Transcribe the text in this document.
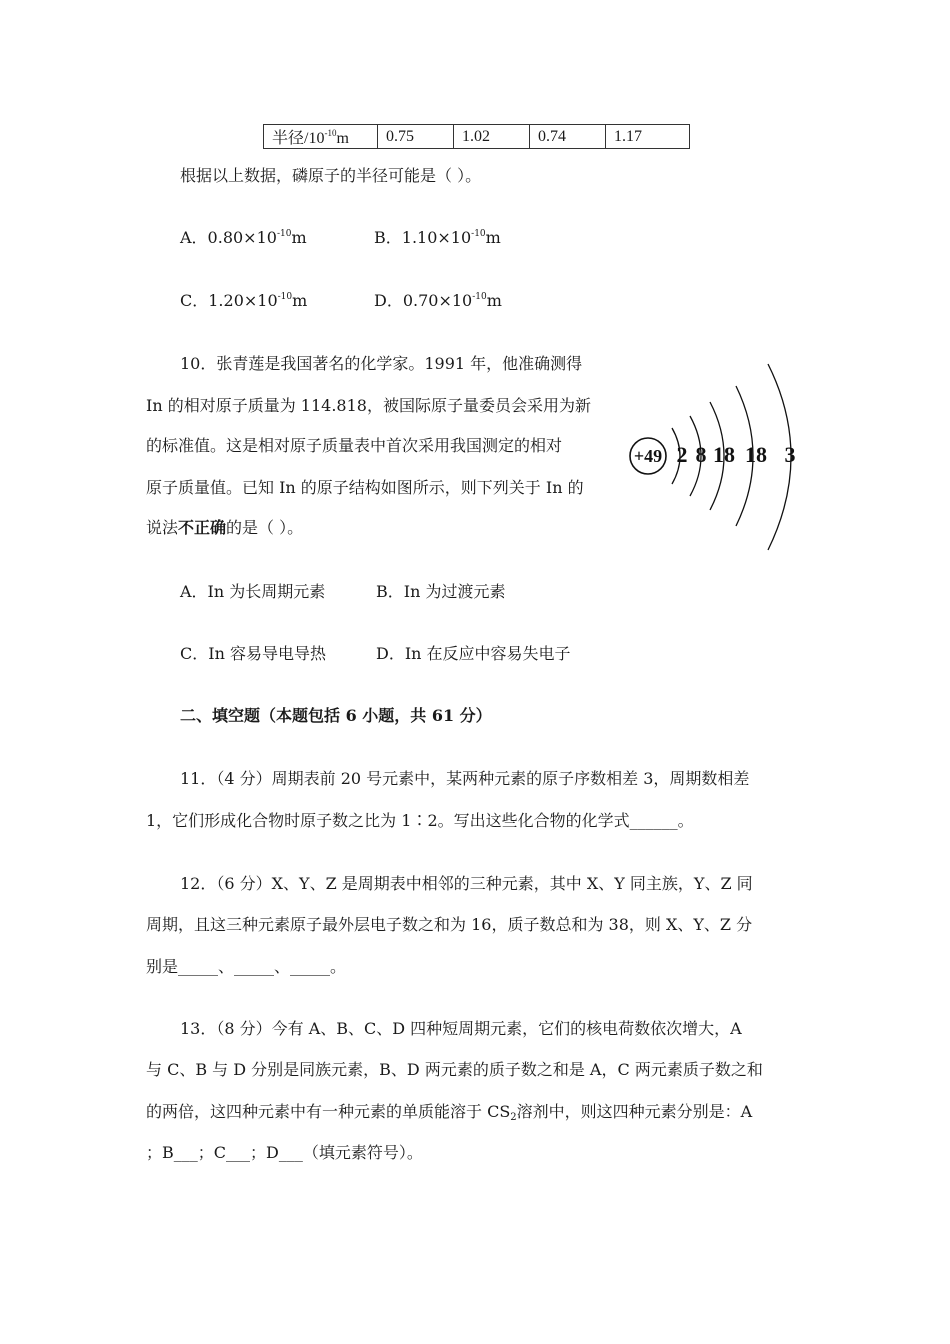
半径$/10^{-10}m$	0.75	1.02	0.74	1.17
根据以上数据，磷原子的半径可能是（ ）。
A．$0.80\times 10^{-10}m$	B．$1.10\times 10^{-10}m$
C．$1.20\times 10^{-10}m$	D．$0.70\times 10^{-10}m$
10．张青莲是我国著名的化学家。1991 年，他准确测得
In 的相对原子质量为 114.818，被国际原子量委员会采用为新
的标准值。这是相对原子质量表中首次采用我国测定的相对
原子质量值。已知 In 的原子结构如图所示，则下列关于 In 的
说法不正确的是（ ）。
+49 2 8 18 18 3
A．In 为长周期元素	B．In 为过渡元素
C．In 容易导电导热	D．In 在反应中容易失电子
二、填空题（本题包括 6 小题，共 61 分）
11．（4 分）周期表前 20 号元素中，某两种元素的原子序数相差 3，周期数相差
1，它们形成化合物时原子数之比为 1∶2。写出这些化合物的化学式______。
12．（6 分）X、Y、Z 是周期表中相邻的三种元素，其中 X、Y 同主族，Y、Z 同
周期，且这三种元素原子最外层电子数之和为 16，质子数总和为 38，则 X、Y、Z 分
别是_____、_____、_____。
13．（8 分）今有 A、B、C、D 四种短周期元素，它们的核电荷数依次增大，A
与 C、B 与 D 分别是同族元素，B、D 两元素的质子数之和是 A，C 两元素质子数之和
的两倍，这四种元素中有一种元素的单质能溶于 $CS_2$溶剂中，则这四种元素分别是：A
；B___；C___；D___（填元素符号）。
